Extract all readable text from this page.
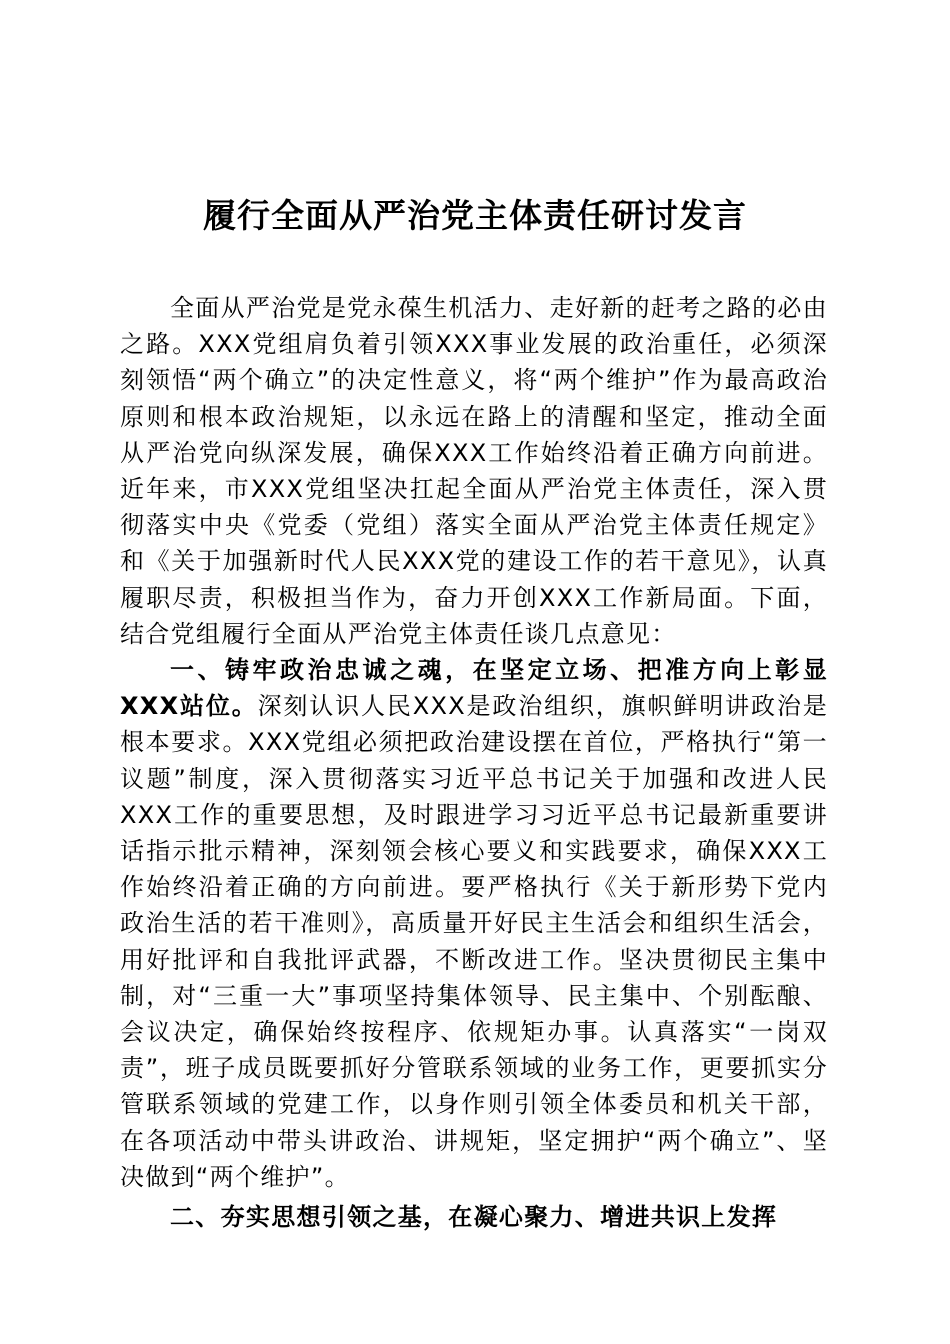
履行全面从严治党主体责任研讨发言

全面从严治党是党永葆生机活力、走好新的赶考之路的必由之路。XXX党组肩负着引领XXX事业发展的政治重任，必须深刻领悟“两个确立”的决定性意义，将“两个维护”作为最高政治原则和根本政治规矩，以永远在路上的清醒和坚定，推动全面从严治党向纵深发展，确保XXX工作始终沿着正确方向前进。近年来，市XXX党组坚决扛起全面从严治党主体责任，深入贯彻落实中央《党委（党组）落实全面从严治党主体责任规定》和《关于加强新时代人民XXX党的建设工作的若干意见》，认真履职尽责，积极担当作为，奋力开创XXX工作新局面。下面，结合党组履行全面从严治党主体责任谈几点意见：

一、铸牢政治忠诚之魂，在坚定立场、把准方向上彰显XXX站位。深刻认识人民XXX是政治组织，旗帜鲜明讲政治是根本要求。XXX党组必须把政治建设摆在首位，严格执行“第一议题”制度，深入贯彻落实习近平总书记关于加强和改进人民XXX工作的重要思想，及时跟进学习习近平总书记最新重要讲话指示批示精神，深刻领会核心要义和实践要求，确保XXX工作始终沿着正确的方向前进。要严格执行《关于新形势下党内政治生活的若干准则》，高质量开好民主生活会和组织生活会，用好批评和自我批评武器，不断改进工作。坚决贯彻民主集中制，对“三重一大”事项坚持集体领导、民主集中、个别酝酿、会议决定，确保始终按程序、依规矩办事。认真落实“一岗双责”，班子成员既要抓好分管联系领域的业务工作，更要抓实分管联系领域的党建工作，以身作则引领全体委员和机关干部，在各项活动中带头讲政治、讲规矩，坚定拥护“两个确立”、坚决做到“两个维护”。

二、夯实思想引领之基，在凝心聚力、增进共识上发挥
